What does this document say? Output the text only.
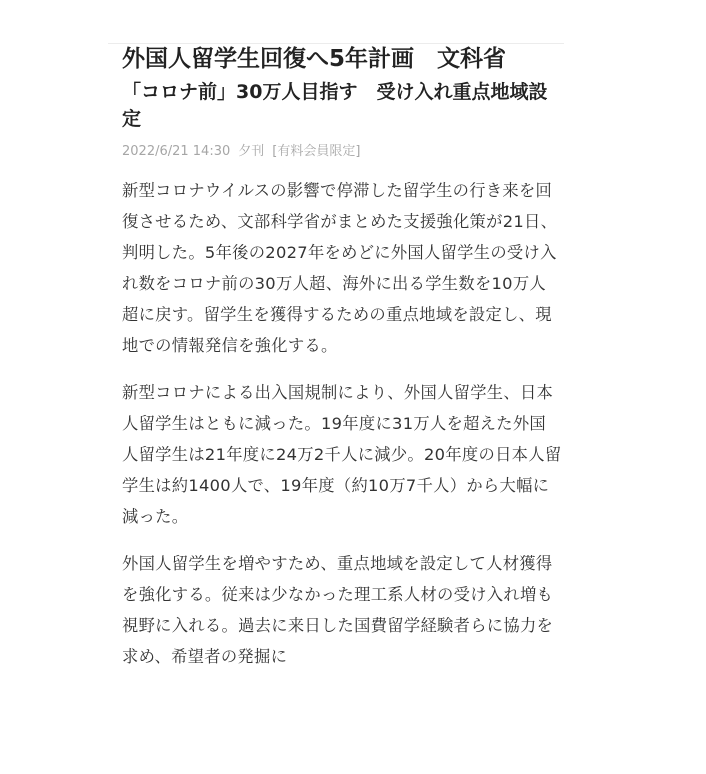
外国人留学生回復へ5年計画　文科省
「コロナ前」30万人目指す　受け入れ重点地域設定
2022/6/21 14:30 夕刊 [有料会員限定]

新型コロナウイルスの影響で停滞した留学生の行き来を回復させるため、文部科学省がまとめた支援強化策が21日、判明した。5年後の2027年をめどに外国人留学生の受け入れ数をコロナ前の30万人超、海外に出る学生数を10万人超に戻す。留学生を獲得するための重点地域を設定し、現地での情報発信を強化する。

新型コロナによる出入国規制により、外国人留学生、日本人留学生はともに減った。19年度に31万人を超えた外国人留学生は21年度に24万2千人に減少。20年度の日本人留学生は約1400人で、19年度（約10万7千人）から大幅に減った。

外国人留学生を増やすため、重点地域を設定して人材獲得を強化する。従来は少なかった理工系人材の受け入れ増も視野に入れる。過去に来日した国費留学経験者らに協力を求め、希望者の発掘に
